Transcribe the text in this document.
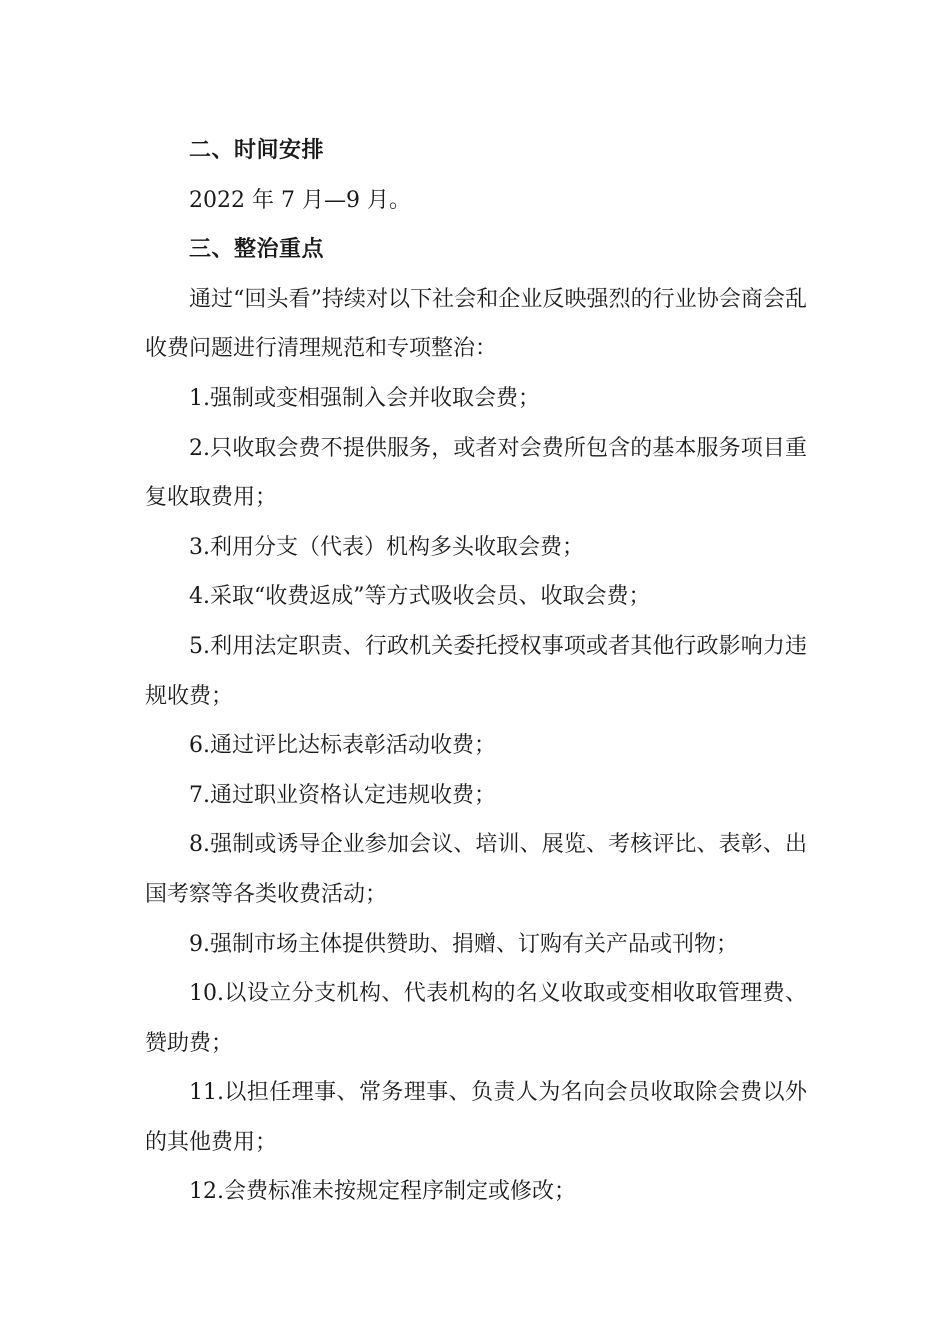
二、时间安排

2022 年 7 月—9 月。

三、整治重点

通过“回头看”持续对以下社会和企业反映强烈的行业协会商会乱收费问题进行清理规范和专项整治：

1.强制或变相强制入会并收取会费；

2.只收取会费不提供服务，或者对会费所包含的基本服务项目重复收取费用；

3.利用分支（代表）机构多头收取会费；

4.采取“收费返成”等方式吸收会员、收取会费；

5.利用法定职责、行政机关委托授权事项或者其他行政影响力违规收费；

6.通过评比达标表彰活动收费；

7.通过职业资格认定违规收费；

8.强制或诱导企业参加会议、培训、展览、考核评比、表彰、出国考察等各类收费活动；

9.强制市场主体提供赞助、捐赠、订购有关产品或刊物；

10.以设立分支机构、代表机构的名义收取或变相收取管理费、赞助费；

11.以担任理事、常务理事、负责人为名向会员收取除会费以外的其他费用；

12.会费标准未按规定程序制定或修改；
